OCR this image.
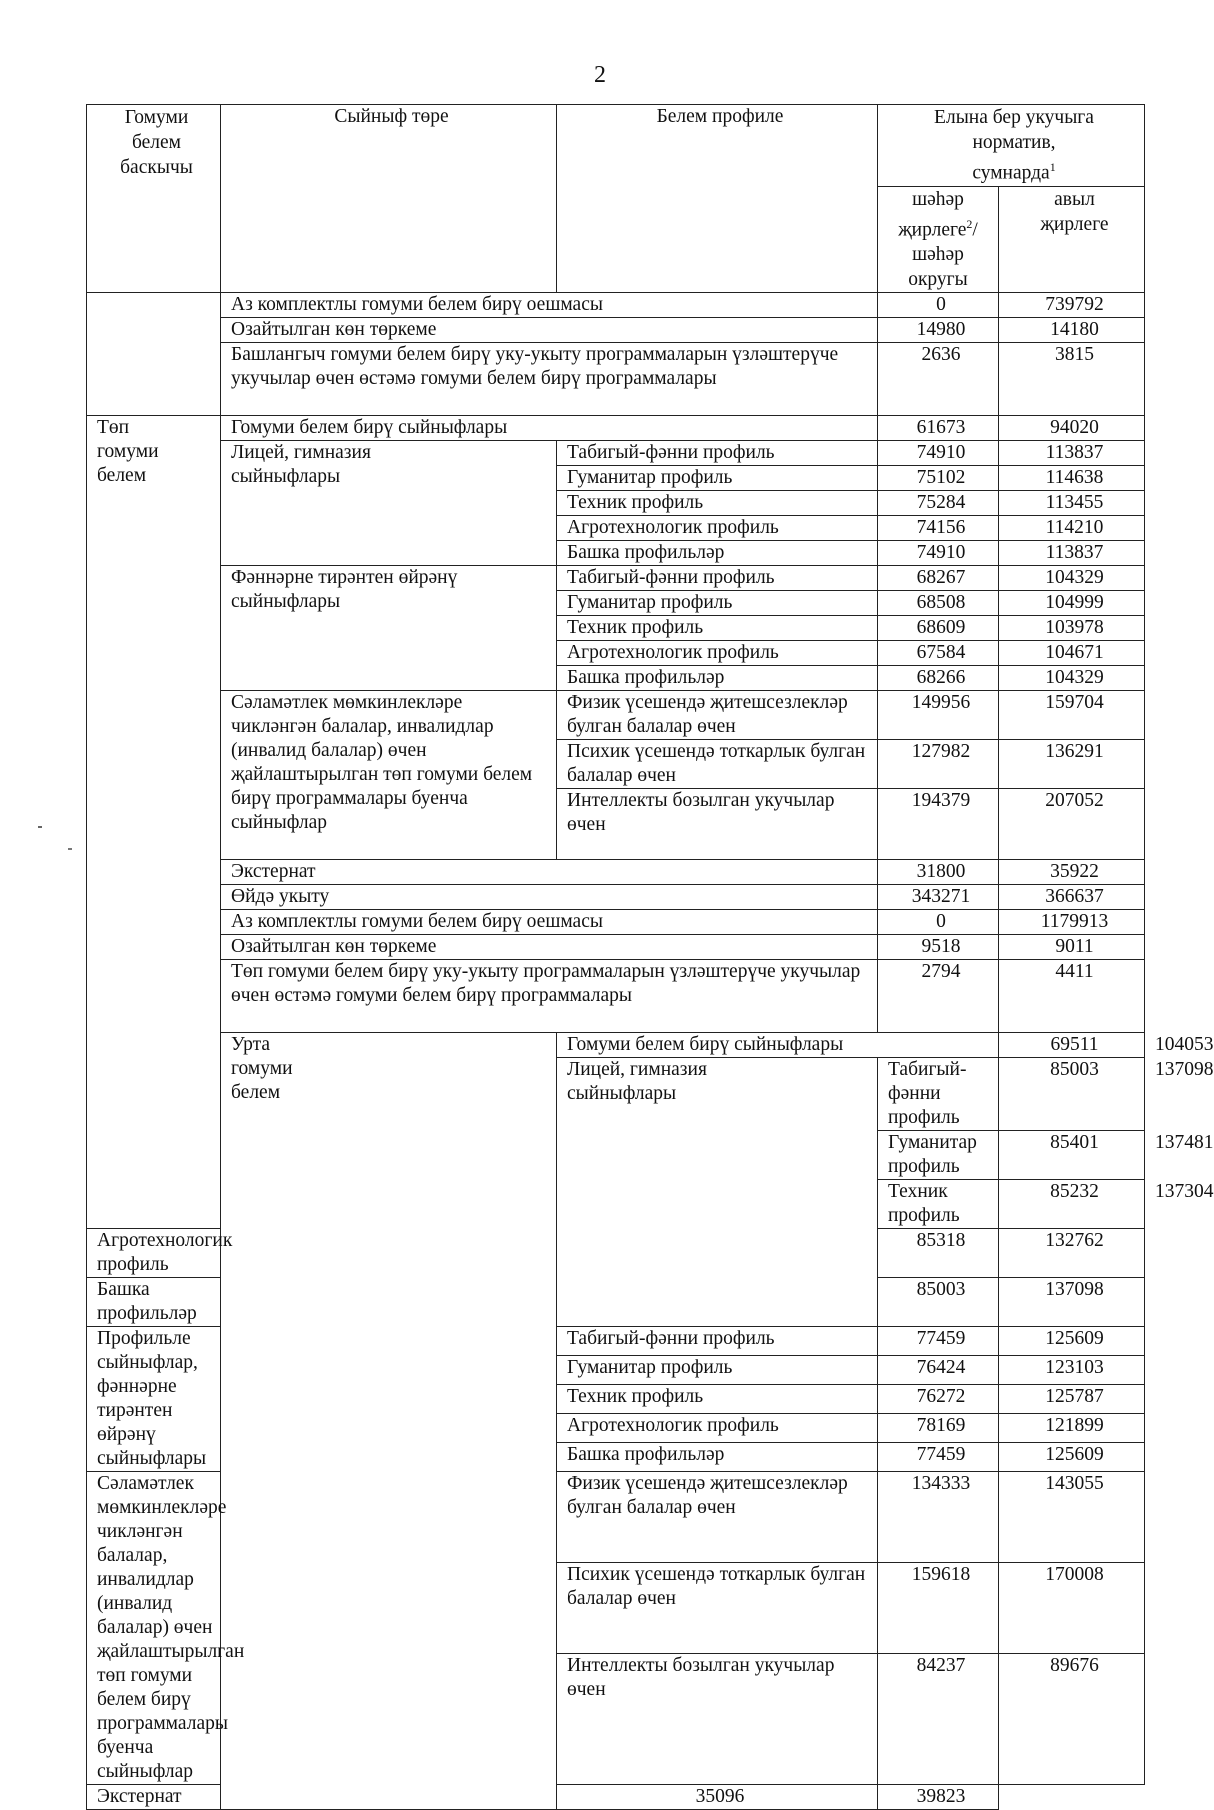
2
Гомуми
белем
баскычы	Сыйныф төре	Белем профиле	Елына бер укучыга
норматив,
сумнарда$^1$

			шәһәр
җирлеге$^2$/
шәһәр
округы	авыл
җирлеге	

	Аз комплектлы гомуми белем бирү оешмасы		0	739792	
	Озайтылган көн төркеме		14980	14180	
	Башлангыч гомуми белем бирү уку-укыту программаларын үзләштерүче укучылар өчен өстәмә гомуми белем бирү программалары		2636	3815	
Төп
гомуми
белем	Гомуми белем бирү сыйныфлары		61673	94020	
	Лицей, гимназия
сыйныфлары	Табигый-фәнни профиль	74910	113837	
		Гуманитар профиль	75102	114638	
		Техник профиль	75284	113455	
		Агротехнологик профиль	74156	114210	
		Башка профильләр	74910	113837	
	Фәннәрне тирәнтен өйрәнү
сыйныфлары	Табигый-фәнни профиль	68267	104329	
		Гуманитар профиль	68508	104999	
		Техник профиль	68609	103978	
		Агротехнологик профиль	67584	104671	
		Башка профильләр	68266	104329	
	Сәламәтлек мөмкинлекләре чикләнгән балалар, инвалидлар (инвалид балалар) өчен җайлаштырылган төп гомуми белем бирү программалары буенча сыйныфлар	Физик үсешендә җитешсезлекләр булган балалар өчен	149956	159704	
		Психик үсешендә тоткарлык булган балалар өчен	127982	136291	
		Интеллекты бозылган укучылар өчен	194379	207052	
	Экстернат		31800	35922	
	Өйдә укыту		343271	366637	
	Аз комплектлы гомуми белем бирү оешмасы		0	1179913	
	Озайтылган көн төркеме		9518	9011	
	Төп гомуми белем бирү уку-укыту программаларын үзләштерүче укучылар өчен өстәмә гомуми белем бирү программалары		2794	4411	
	Урта
гомуми
белем	Гомуми белем бирү сыйныфлары		69511	104053
		Лицей, гимназия
сыйныфлары	Табигый-фәнни профиль	85003	137098
			Гуманитар профиль	85401	137481
			Техник профиль	85232	137304
Агротехнологик профиль			85318	132762	
Башка профильләр			85003	137098	
Профильле сыйныфлар,
фәннәрне тирәнтен өйрәнү
сыйныфлары		Табигый-фәнни профиль	77459	125609	
		Гуманитар профиль	76424	123103	
		Техник профиль	76272	125787	
		Агротехнологик профиль	78169	121899	
		Башка профильләр	77459	125609	
Сәламәтлек мөмкинлекләре чикләнгән балалар, инвалидлар (инвалид балалар) өчен җайлаштырылган төп гомуми белем бирү программалары буенча сыйныфлар		Физик үсешендә җитешсезлекләр булган балалар өчен	134333	143055	
		Психик үсешендә тоткарлык булган балалар өчен	159618	170008	
		Интеллекты бозылган укучылар өчен	84237	89676	
Экстернат		35096	39823		
